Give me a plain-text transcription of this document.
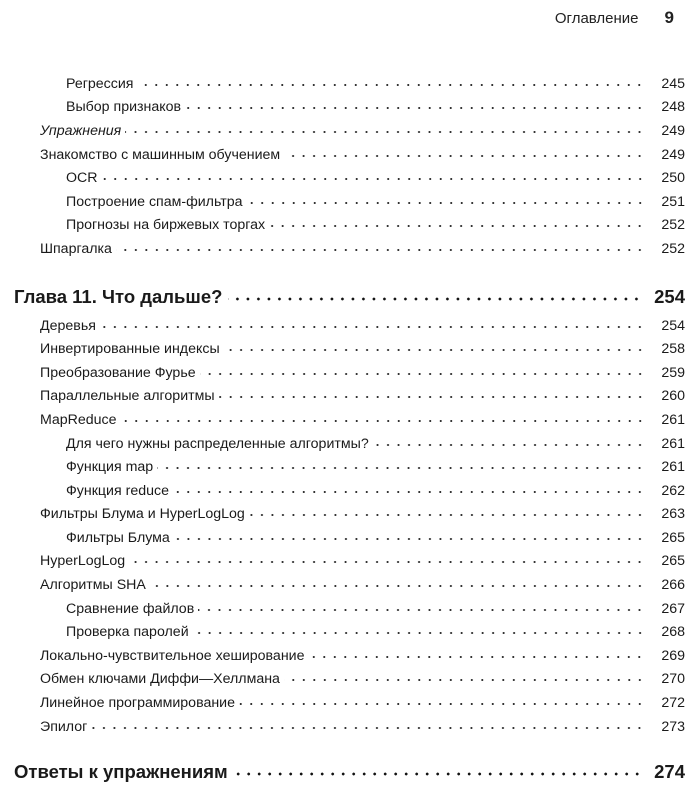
Оглавление 9
Регрессия	245
Выбор признаков	248
Упражнения	249
Знакомство с машинным обучением	249
OCR	250
Построение спам-фильтра	251
Прогнозы на биржевых торгах	252
Шпаргалка	252
Глава 11. Что дальше?	254
Деревья	254
Инвертированные индексы	258
Преобразование Фурье	259
Параллельные алгоритмы	260
MapReduce	261
Для чего нужны распределенные алгоритмы?	261
Функция map	261
Функция reduce	262
Фильтры Блума и HyperLogLog	263
Фильтры Блума	265
HyperLogLog	265
Алгоритмы SHA	266
Сравнение файлов	267
Проверка паролей	268
Локально-чувствительное хеширование	269
Обмен ключами Диффи—Хеллмана	270
Линейное программирование	272
Эпилог	273
Ответы к упражнениям	274
